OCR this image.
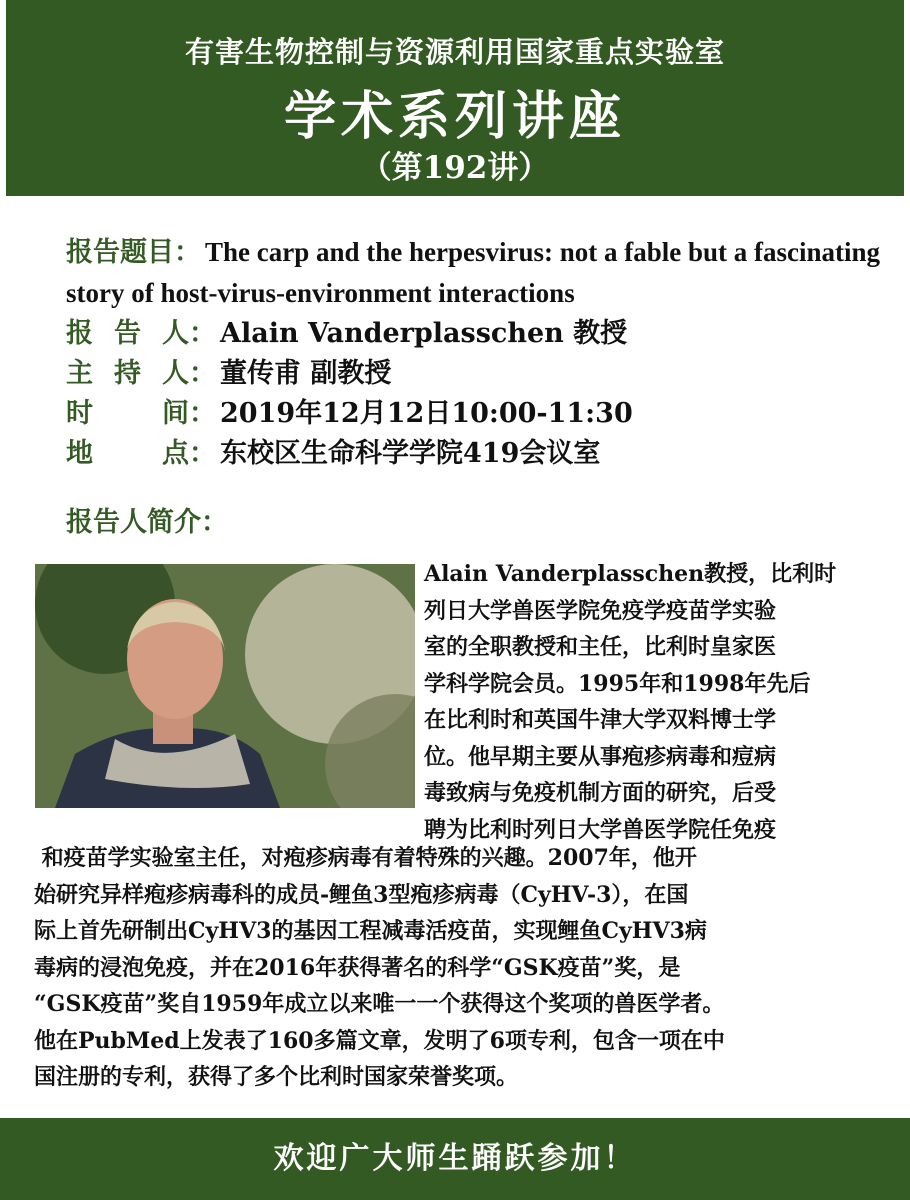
有害生物控制与资源利用国家重点实验室
学术系列讲座
（第192讲）
报告题目： The carp and the herpesvirus: not a fable but a fascinating story of host-virus-environment interactions
报 告 人： Alain Vanderplasschen 教授
主 持 人： 董传甫 副教授
时	间： 2019年12月12日10:00-11:30
地	点： 东校区生命科学学院419会议室
报告人简介：
Alain Vanderplasschen教授，比利时
列日大学兽医学院免疫学疫苗学实验
室的全职教授和主任，比利时皇家医
学科学院会员。1995年和1998年先后
在比利时和英国牛津大学双料博士学
位。他早期主要从事疱疹病毒和痘病
毒致病与免疫机制方面的研究，后受
聘为比利时列日大学兽医学院任免疫
和疫苗学实验室主任，对疱疹病毒有着特殊的兴趣。2007年，他开
始研究异样疱疹病毒科的成员-鲤鱼3型疱疹病毒（CyHV-3），在国
际上首先研制出CyHV3的基因工程减毒活疫苗，实现鲤鱼CyHV3病
毒病的浸泡免疫，并在2016年获得著名的科学“GSK疫苗”奖，是
“GSK疫苗”奖自1959年成立以来唯一一个获得这个奖项的兽医学者。
他在PubMed上发表了160多篇文章，发明了6项专利，包含一项在中
国注册的专利，获得了多个比利时国家荣誉奖项。
欢迎广大师生踊跃参加！
